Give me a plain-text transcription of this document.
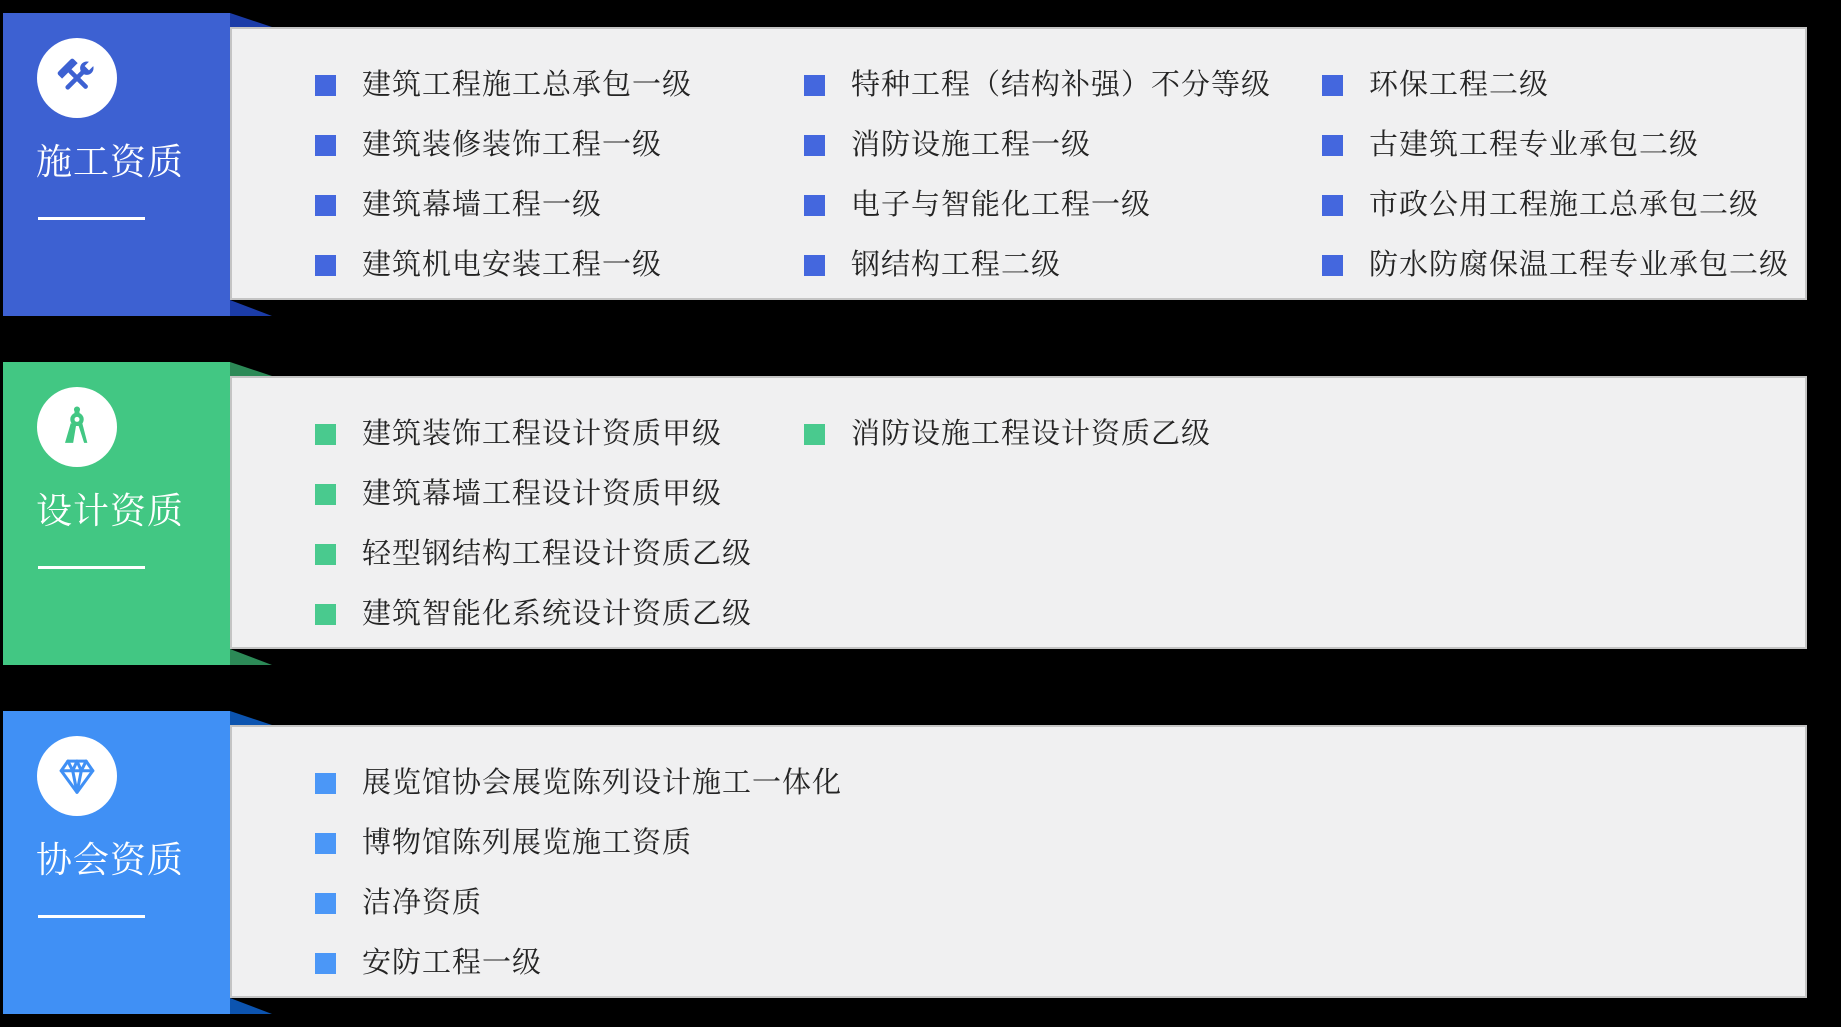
建筑工程施工总承包一级
建筑装修装饰工程一级
建筑幕墙工程一级
建筑机电安装工程一级
特种工程（结构补强）不分等级
消防设施工程一级
电子与智能化工程一级
钢结构工程二级
环保工程二级
古建筑工程专业承包二级
市政公用工程施工总承包二级
防水防腐保温工程专业承包二级
施工资质
建筑装饰工程设计资质甲级
建筑幕墙工程设计资质甲级
轻型钢结构工程设计资质乙级
建筑智能化系统设计资质乙级
消防设施工程设计资质乙级
设计资质
展览馆协会展览陈列设计施工一体化
博物馆陈列展览施工资质
洁净资质
安防工程一级
协会资质
